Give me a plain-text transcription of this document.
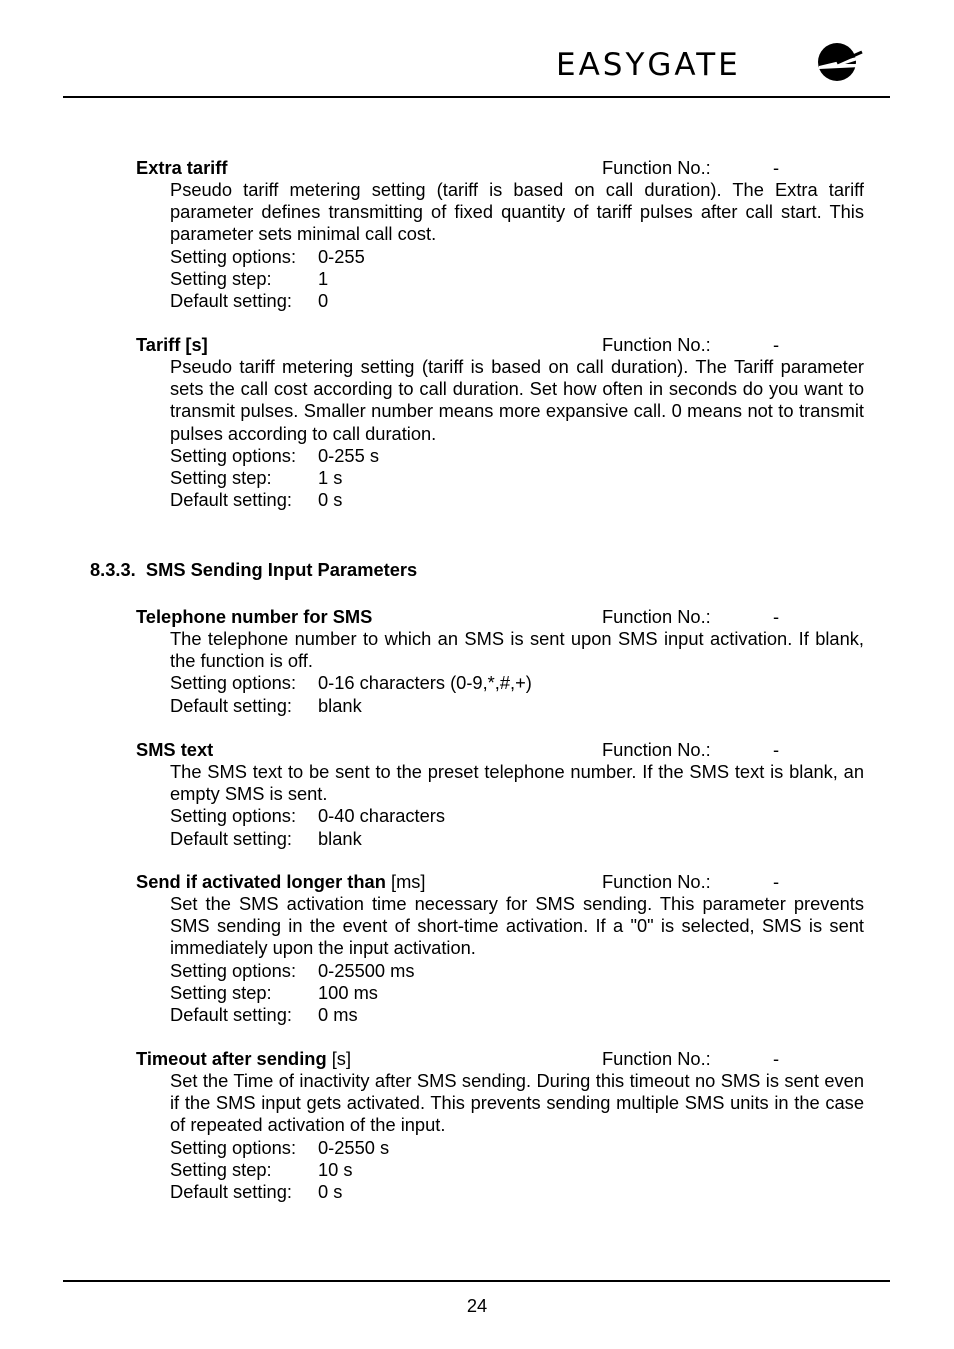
EASYGATE
Extra tariff	Function No.:	-

Pseudo tariff metering setting (tariff is based on call duration). The Extra tariff parameter defines transmitting of fixed quantity of tariff pulses after call start. This parameter sets minimal call cost.

Setting options: 0-255
Setting step:	1
Default setting: 0
Tariff [s]	Function No.:	-

Pseudo tariff metering setting (tariff is based on call duration). The Tariff parameter sets the call cost according to call duration. Set how often in seconds do you want to transmit pulses. Smaller number means more expansive call. 0 means not to transmit pulses according to call duration.

Setting options: 0-255 s
Setting step:	1 s
Default setting: 0 s
8.3.3. SMS Sending Input Parameters
Telephone number for SMS	Function No.:	-

The telephone number to which an SMS is sent upon SMS input activation. If blank, the function is off.

Setting options: 0-16 characters (0-9,*,#,+)
Default setting: blank
SMS text	Function No.:	-

The SMS text to be sent to the preset telephone number. If the SMS text is blank, an empty SMS is sent.

Setting options: 0-40 characters
Default setting: blank
Send if activated longer than [ms]	Function No.:	-

Set the SMS activation time necessary for SMS sending. This parameter prevents SMS sending in the event of short-time activation. If a "0" is selected, SMS is sent immediately upon the input activation.

Setting options: 0-25500 ms
Setting step:	100 ms
Default setting: 0 ms
Timeout after sending [s]	Function No.:	-

Set the Time of inactivity after SMS sending. During this timeout no SMS is sent even if the SMS input gets activated. This prevents sending multiple SMS units in the case of repeated activation of the input.

Setting options: 0-2550 s
Setting step:	10 s
Default setting: 0 s
24
